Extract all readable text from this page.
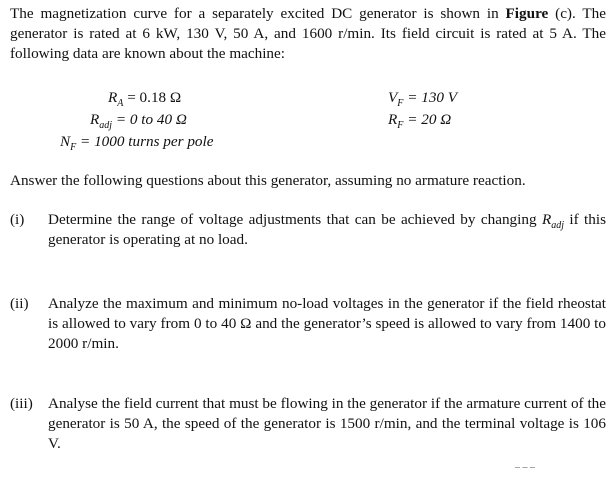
The magnetization curve for a separately excited DC generator is shown in Figure (c). The generator is rated at 6 kW, 130 V, 50 A, and 1600 r/min. Its field circuit is rated at 5 A. The following data are known about the machine:
$R_A = 0.18$ Ω	$V_F = 130$ V
$R_{adj} = 0$ to 40 Ω	$R_F = 20$ Ω
$N_F = 1000$ turns per pole
Answer the following questions about this generator, assuming no armature reaction.
(i) Determine the range of voltage adjustments that can be achieved by changing $R_{adj}$ if this generator is operating at no load.
(ii) Analyze the maximum and minimum no-load voltages in the generator if the field rheostat is allowed to vary from 0 to 40 Ω and the generator’s speed is allowed to vary from 1400 to 2000 r/min.
(iii) Analyse the field current that must be flowing in the generator if the armature current of the generator is 50 A, the speed of the generator is 1500 r/min, and the terminal voltage is 106 V.
– – –
